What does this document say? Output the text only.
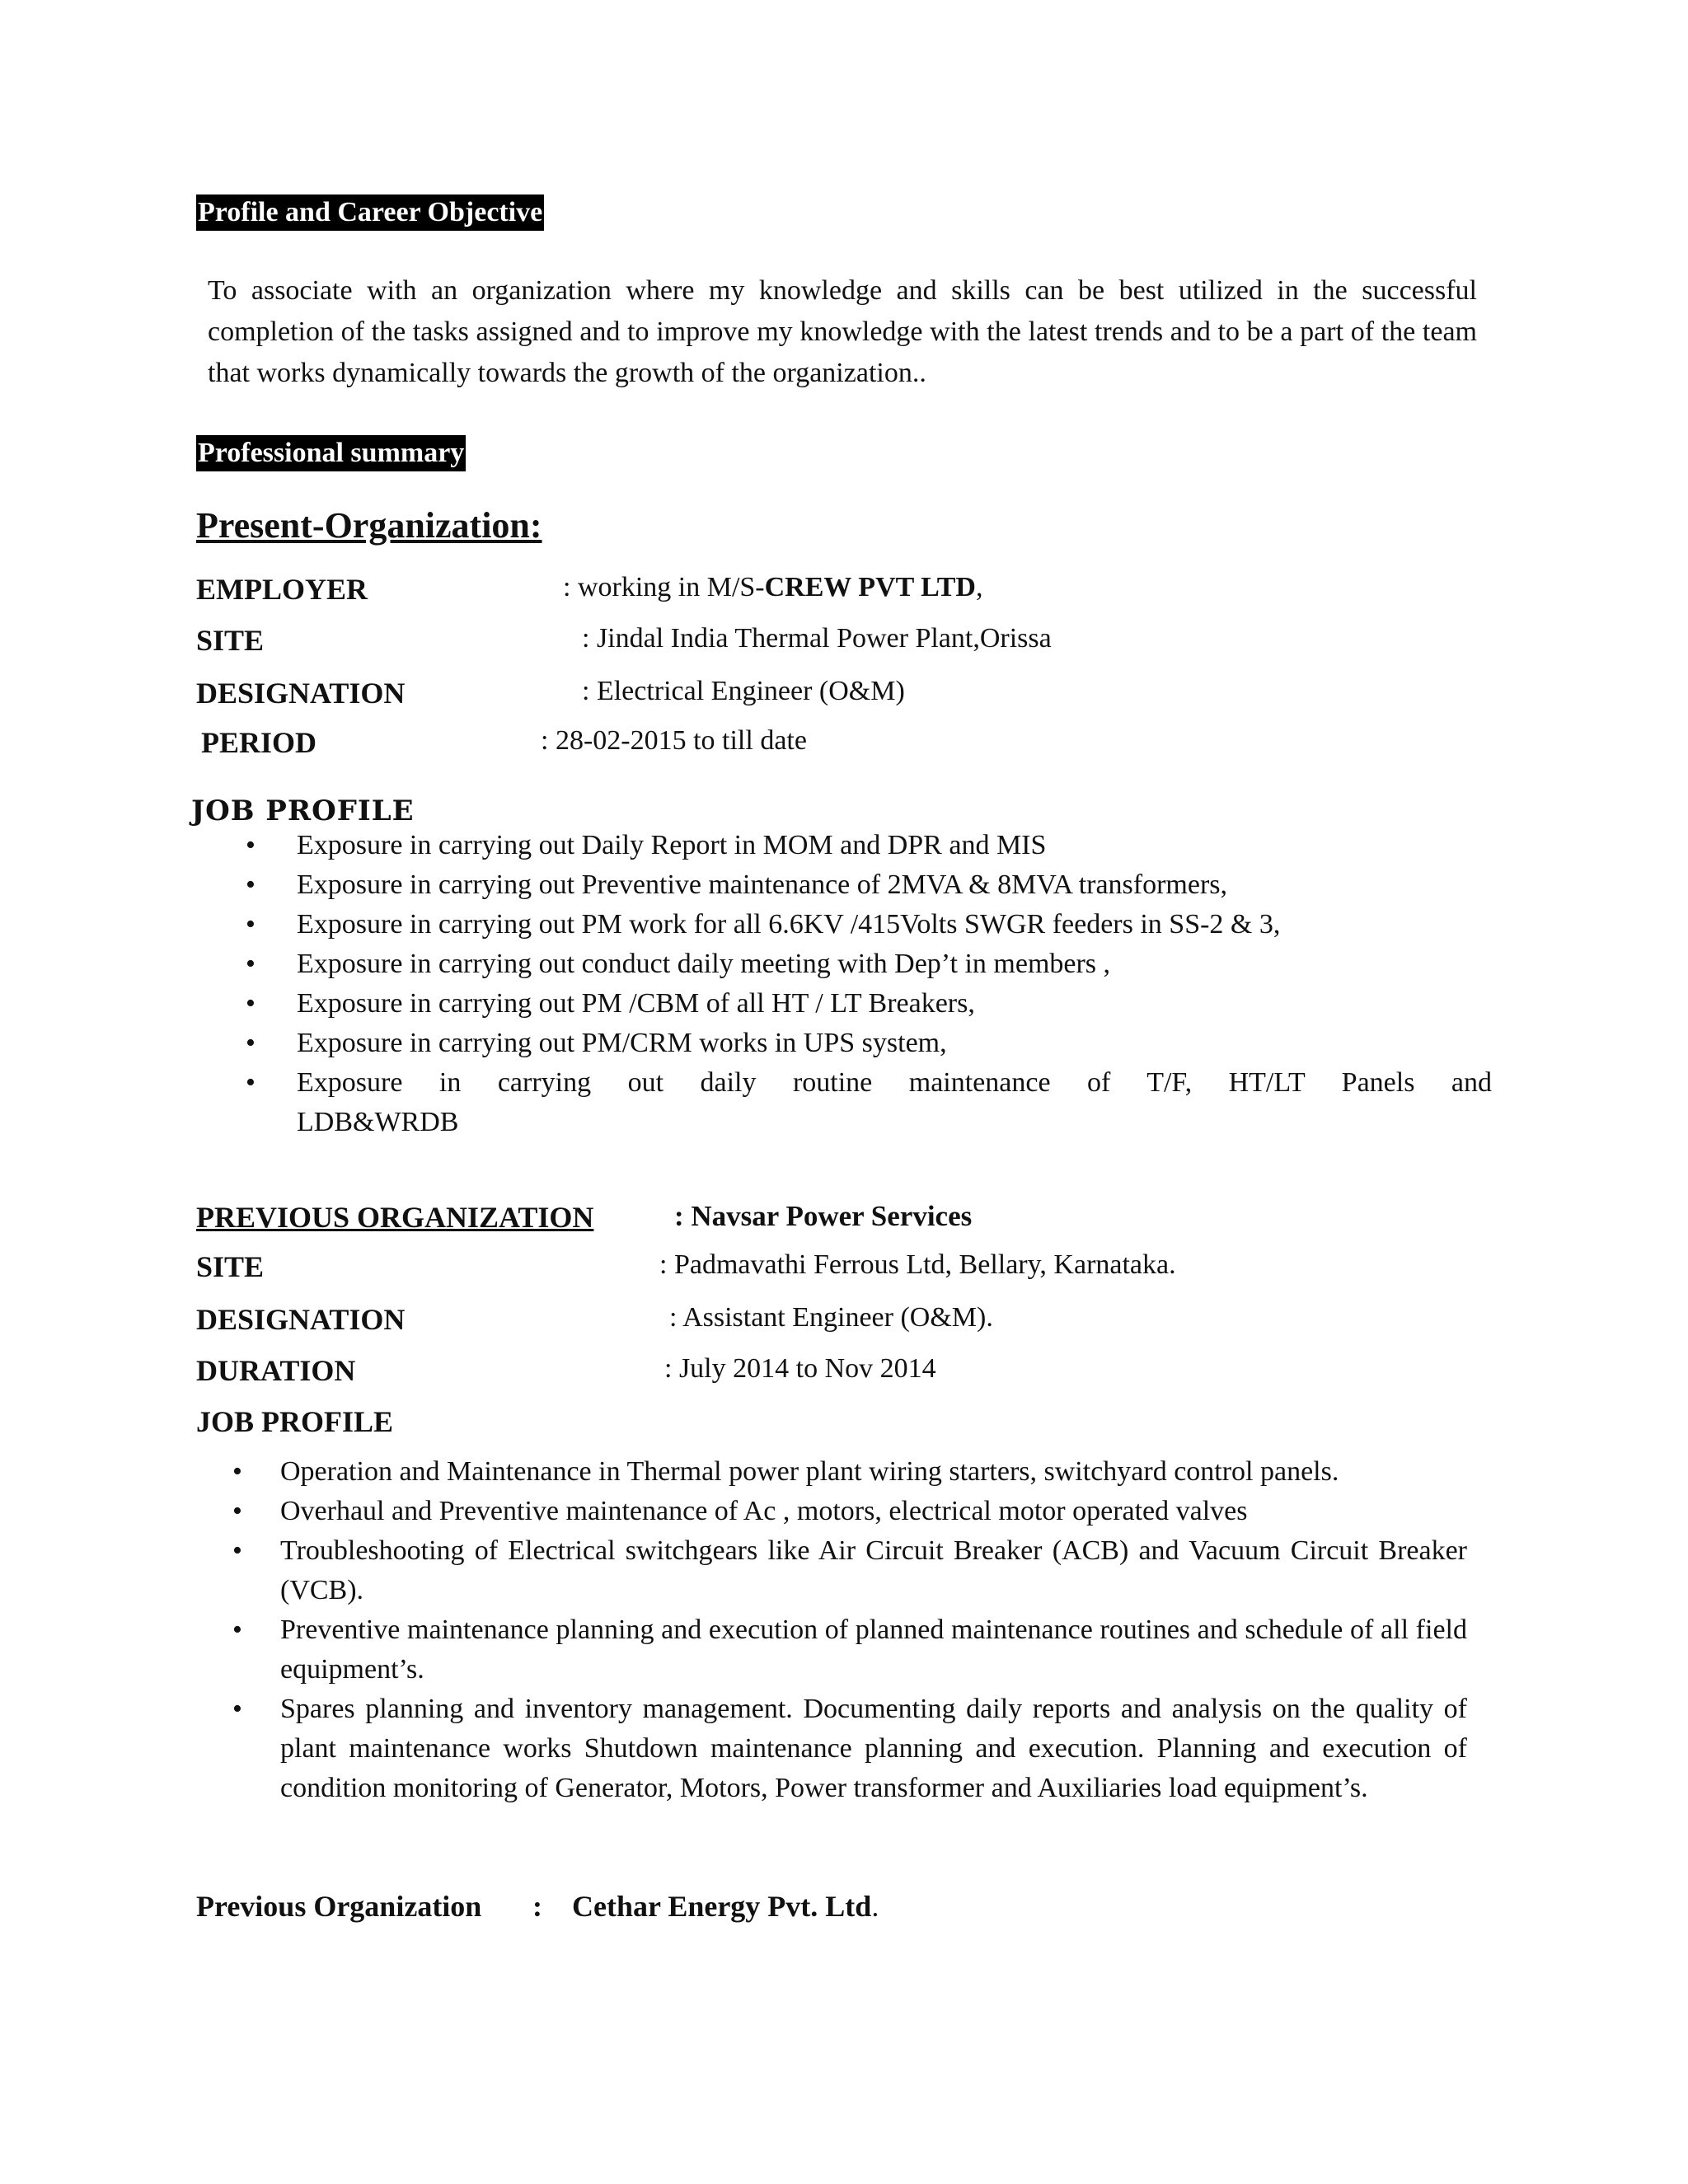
Profile and Career Objective

To associate with an organization where my knowledge and skills can be best utilized in the successful completion of the tasks assigned and to improve my knowledge with the latest trends and to be a part of the team that works dynamically towards the growth of the organization..

Professional summary
Present-Organization:
EMPLOYER	: working in M/S-CREW PVT LTD,
SITE	: Jindal India Thermal Power Plant,Orissa
DESIGNATION	: Electrical Engineer (O&M)
PERIOD	: 28-02-2015 to till date
JOB PROFILE
• Exposure in carrying out Daily Report in MOM and DPR and MIS
• Exposure in carrying out Preventive maintenance of 2MVA & 8MVA transformers,
• Exposure in carrying out PM work for all 6.6KV /415Volts SWGR feeders in SS-2 & 3,
• Exposure in carrying out conduct daily meeting with Dep’t in members ,
• Exposure in carrying out PM /CBM of all HT / LT Breakers,
• Exposure in carrying out PM/CRM works in UPS system,
• Exposure in carrying out daily routine maintenance of T/F, HT/LT Panels and
LDB&WRDB
PREVIOUS ORGANIZATION	: Navsar Power Services
SITE	: Padmavathi Ferrous Ltd, Bellary, Karnataka.
DESIGNATION	: Assistant Engineer (O&M).
DURATION	: July 2014 to Nov 2014
JOB PROFILE
• Operation and Maintenance in Thermal power plant wiring starters, switchyard control panels.
• Overhaul and Preventive maintenance of Ac , motors, electrical motor operated valves
• Troubleshooting of Electrical switchgears like Air Circuit Breaker (ACB) and Vacuum Circuit Breaker (VCB).
• Preventive maintenance planning and execution of planned maintenance routines and schedule of all field equipment’s.
• Spares planning and inventory management. Documenting daily reports and analysis on the quality of plant maintenance works Shutdown maintenance planning and execution. Planning and execution of condition monitoring of Generator, Motors, Power transformer and Auxiliaries load equipment’s.
Previous Organization : Cethar Energy Pvt. Ltd.
